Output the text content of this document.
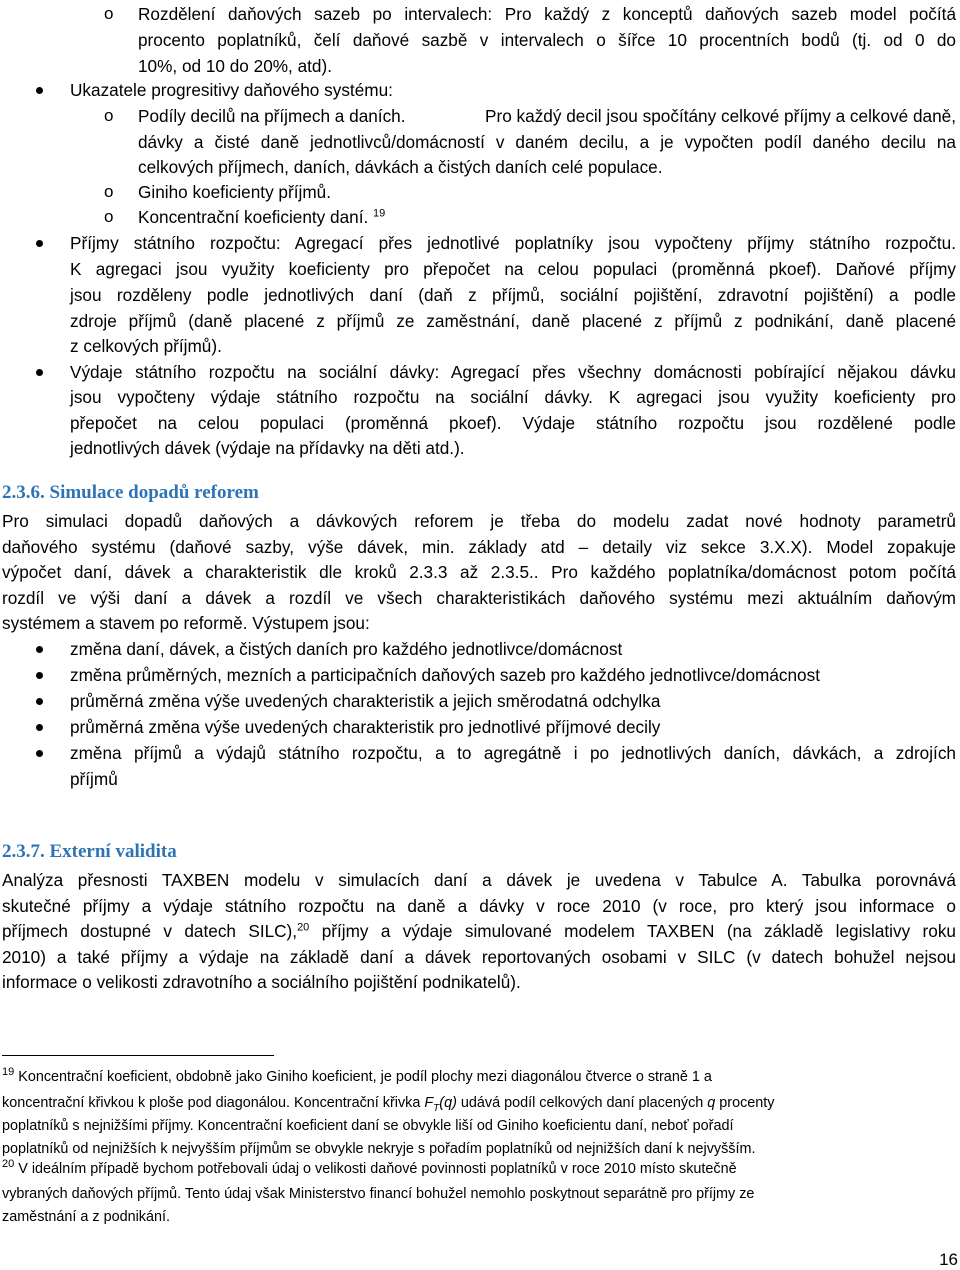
o Rozdělení daňových sazeb po intervalech: Pro každý z konceptů daňových sazeb model počítá
procento poplatníků, čelí daňové sazbě v intervalech o šířce 10 procentních bodů (tj. od 0 do
10%, od 10 do 20%, atd).
Ukazatele progresitivy daňového systému:
o Podíly decilů na příjmech a daních.	Pro každý decil jsou spočítány celkové příjmy a celkové daně,
dávky a čisté daně jednotlivců/domácností v daném decilu, a je vypočten podíl daného decilu na
celkových příjmech, daních, dávkách a čistých daních celé populace.
o Giniho koeficienty příjmů.
o Koncentrační koeficienty daní. $^{19}$
Příjmy státního rozpočtu: Agregací přes jednotlivé poplatníky jsou vypočteny příjmy státního rozpočtu.
K agregaci jsou využity koeficienty pro přepočet na celou populaci (proměnná pkoef). Daňové příjmy
jsou rozděleny podle jednotlivých daní (daň z příjmů, sociální pojištění, zdravotní pojištění) a podle
zdroje příjmů (daně placené z příjmů ze zaměstnání, daně placené z příjmů z podnikání, daně placené
z celkových příjmů).
Výdaje státního rozpočtu na sociální dávky: Agregací přes všechny domácnosti pobírající nějakou dávku
jsou vypočteny výdaje státního rozpočtu na sociální dávky. K agregaci jsou využity koeficienty pro
přepočet na celou populaci (proměnná pkoef). Výdaje státního rozpočtu jsou rozdělené podle
jednotlivých dávek (výdaje na přídavky na děti atd.).
2.3.6. Simulace dopadů reforem
Pro simulaci dopadů daňových a dávkových reforem je třeba do modelu zadat nové hodnoty parametrů
daňového systému (daňové sazby, výše dávek, min. základy atd – detaily viz sekce 3.X.X). Model zopakuje
výpočet daní, dávek a charakteristik dle kroků 2.3.3 až 2.3.5.. Pro každého poplatníka/domácnost potom počítá
rozdíl ve výši daní a dávek a rozdíl ve všech charakteristikách daňového systému mezi aktuálním daňovým
systémem a stavem po reformě. Výstupem jsou:
změna daní, dávek, a čistých daních pro každého jednotlivce/domácnost
změna průměrných, mezních a participačních daňových sazeb pro každého jednotlivce/domácnost
průměrná změna výše uvedených charakteristik a jejich směrodatná odchylka
průměrná změna výše uvedených charakteristik pro jednotlivé příjmové decily
změna příjmů a výdajů státního rozpočtu, a to agregátně i po jednotlivých daních, dávkách, a zdrojích
příjmů
2.3.7. Externí validita
Analýza přesnosti TAXBEN modelu v simulacích daní a dávek je uvedena v Tabulce A. Tabulka porovnává
skutečné příjmy a výdaje státního rozpočtu na daně a dávky v roce 2010 (v roce, pro který jsou informace o
příjmech dostupné v datech SILC),$^{20}$ příjmy a výdaje simulované modelem TAXBEN (na základě legislativy roku
2010) a také příjmy a výdaje na základě daní a dávek reportovaných osobami v SILC (v datech bohužel nejsou
informace o velikosti zdravotního a sociálního pojištění podnikatelů).
$^{19}$ Koncentrační koeficient, obdobně jako Giniho koeficient, je podíl plochy mezi diagonálou čtverce o straně 1 a
koncentrační křivkou k ploše pod diagonálou. Koncentrační křivka $F_T(q)$ udává podíl celkových daní placených q procenty
poplatníků s nejnižšími příjmy. Koncentrační koeficient daní se obvykle liší od Giniho koeficientu daní, neboť pořadí
poplatníků od nejnižších k nejvyšším příjmům se obvykle nekryje s pořadím poplatníků od nejnižších daní k nejvyšším.
$^{20}$ V ideálním případě bychom potřebovali údaj o velikosti daňové povinnosti poplatníků v roce 2010 místo skutečně
vybraných daňových příjmů. Tento údaj však Ministerstvo financí bohužel nemohlo poskytnout separátně pro příjmy ze
zaměstnání a z podnikání.
16
